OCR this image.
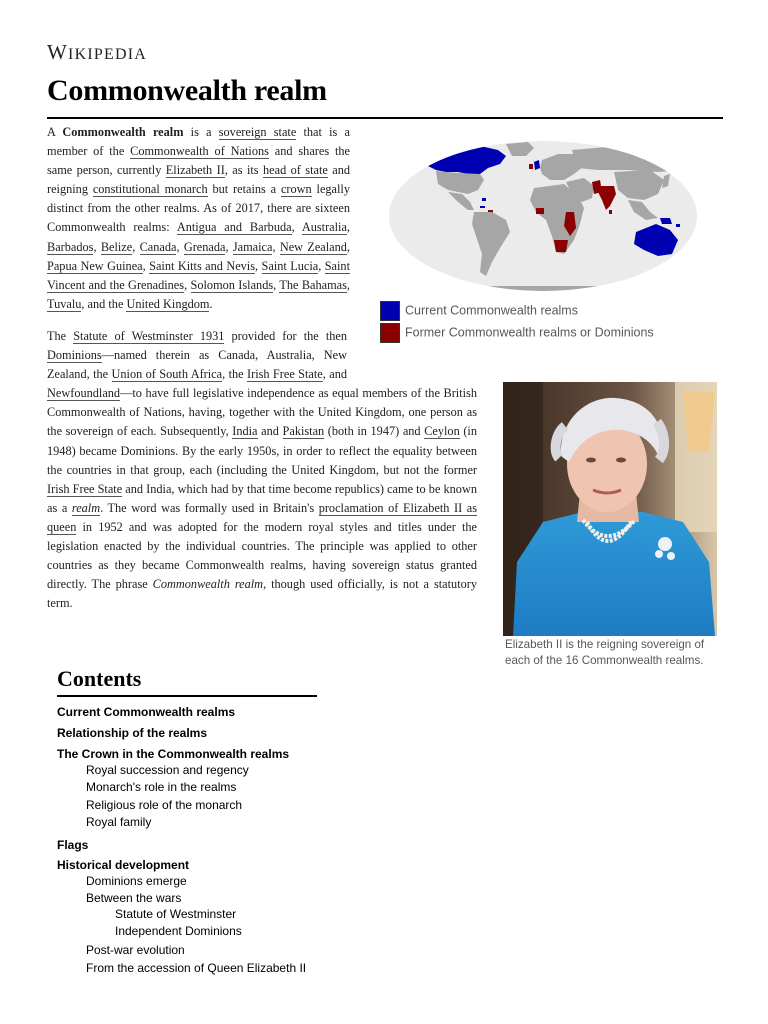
WIKIPEDIA
Commonwealth realm

A Commonwealth realm is a sovereign state that is a member of the Commonwealth of Nations and shares the same person, currently Elizabeth II, as its head of state and reigning constitutional monarch but retains a crown legally distinct from the other realms. As of 2017, there are sixteen Commonwealth realms: Antigua and Barbuda, Australia, Barbados, Belize, Canada, Grenada, Jamaica, New Zealand, Papua New Guinea, Saint Kitts and Nevis, Saint Lucia, Saint Vincent and the Grenadines, Solomon Islands, The Bahamas, Tuvalu, and the United Kingdom.	Current Commonwealth realms
Former Commonwealth realms or Dominions

The Statute of Westminster 1931 provided for the then Dominions—named therein as Canada, Australia, New Zealand, the Union of South Africa, the Irish Free State, and Newfoundland—to have full legislative independence as equal members of the British Commonwealth of Nations, having, together with the United Kingdom, one person as the sovereign of each. Subsequently, India and Pakistan (both in 1947) and Ceylon (in 1948) became Dominions. By the early 1950s, in order to reflect the equality between the countries in that group, each (including the United Kingdom, but not the former Irish Free State and India, which had by that time become republics) came to be known as a realm. The word was formally used in Britain's proclamation of Elizabeth II as queen in 1952 and was adopted for the modern royal styles and titles under the legislation enacted by the individual countries. The principle was applied to other countries as they became Commonwealth realms, having sovereign status granted directly. The phrase Commonwealth realm, though used officially, is not a statutory term.

Elizabeth II is the reigning sovereign of each of the 16 Commonwealth realms.

Contents
Current Commonwealth realms
Relationship of the realms
The Crown in the Commonwealth realms
Royal succession and regency
Monarch's role in the realms
Religious role of the monarch
Royal family
Flags
Historical development
Dominions emerge
Between the wars
Statute of Westminster
Independent Dominions
Post-war evolution
From the accession of Queen Elizabeth II
